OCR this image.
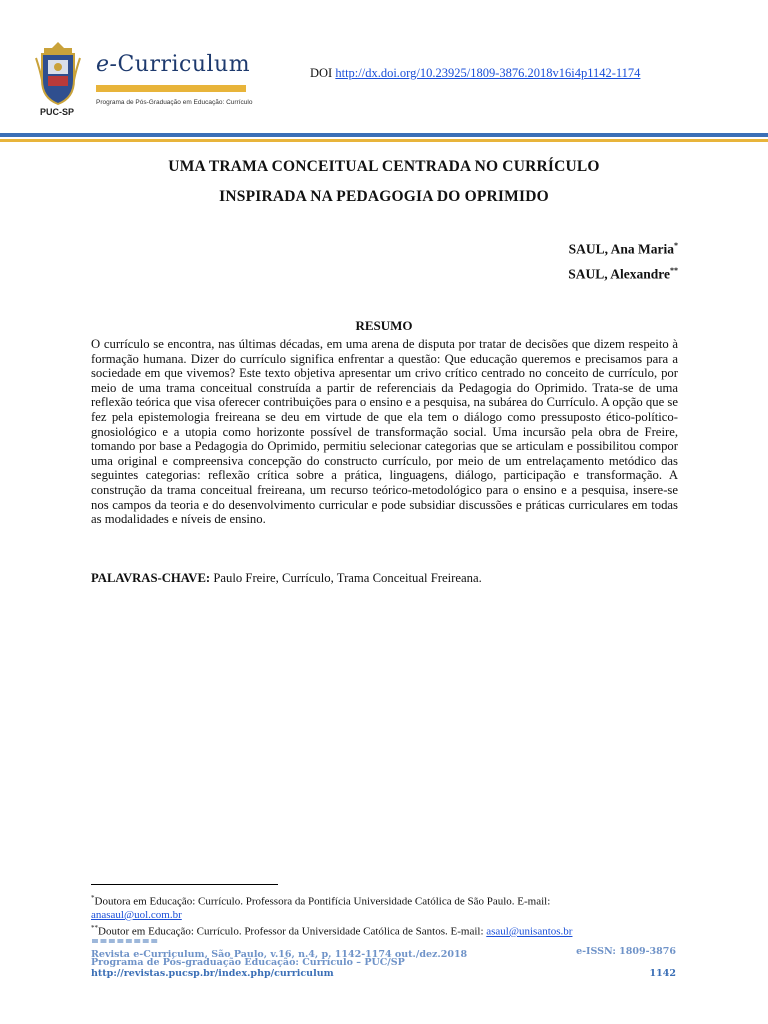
PUC-SP
e-Curriculum
Programa de Pós-Graduação em Educação: Currículo
DOI http://dx.doi.org/10.23925/1809-3876.2018v16i4p1142-1174
UMA TRAMA CONCEITUAL CENTRADA NO CURRÍCULO
INSPIRADA NA PEDAGOGIA DO OPRIMIDO
SAUL, Ana Maria*
SAUL, Alexandre**
RESUMO

O currículo se encontra, nas últimas décadas, em uma arena de disputa por tratar de decisões que dizem respeito à formação humana. Dizer do currículo significa enfrentar a questão: Que educação queremos e precisamos para a sociedade em que vivemos? Este texto objetiva apresentar um crivo crítico centrado no conceito de currículo, por meio de uma trama conceitual construída a partir de referenciais da Pedagogia do Oprimido. Trata-se de uma reflexão teórica que visa oferecer contribuições para o ensino e a pesquisa, na subárea do Currículo. A opção que se fez pela epistemologia freireana se deu em virtude de que ela tem o diálogo como pressuposto ético-político-gnosiológico e a utopia como horizonte possível de transformação social. Uma incursão pela obra de Freire, tomando por base a Pedagogia do Oprimido, permitiu selecionar categorias que se articulam e possibilitou compor uma original e compreensiva concepção do constructo currículo, por meio de um entrelaçamento metódico das seguintes categorias: reflexão crítica sobre a prática, linguagens, diálogo, participação e transformação. A construção da trama conceitual freireana, um recurso teórico-metodológico para o ensino e a pesquisa, insere-se nos campos da teoria e do desenvolvimento curricular e pode subsidiar discussões e práticas curriculares em todas as modalidades e níveis de ensino.

PALAVRAS-CHAVE: Paulo Freire, Currículo, Trama Conceitual Freireana.

*Doutora em Educação: Currículo. Professora da Pontifícia Universidade Católica de São Paulo. E-mail:
anasaul@uol.com.br
**Doutor em Educação: Currículo. Professor da Universidade Católica de Santos. E-mail: asaul@unisantos.br
========
Revista e-Curriculum, São Paulo, v.16, n.4, p. 1142-1174 out./dez.2018
Programa de Pós-graduação Educação: Currículo – PUC/SP
http://revistas.pucsp.br/index.php/curriculum
e-ISSN: 1809-3876
1142
